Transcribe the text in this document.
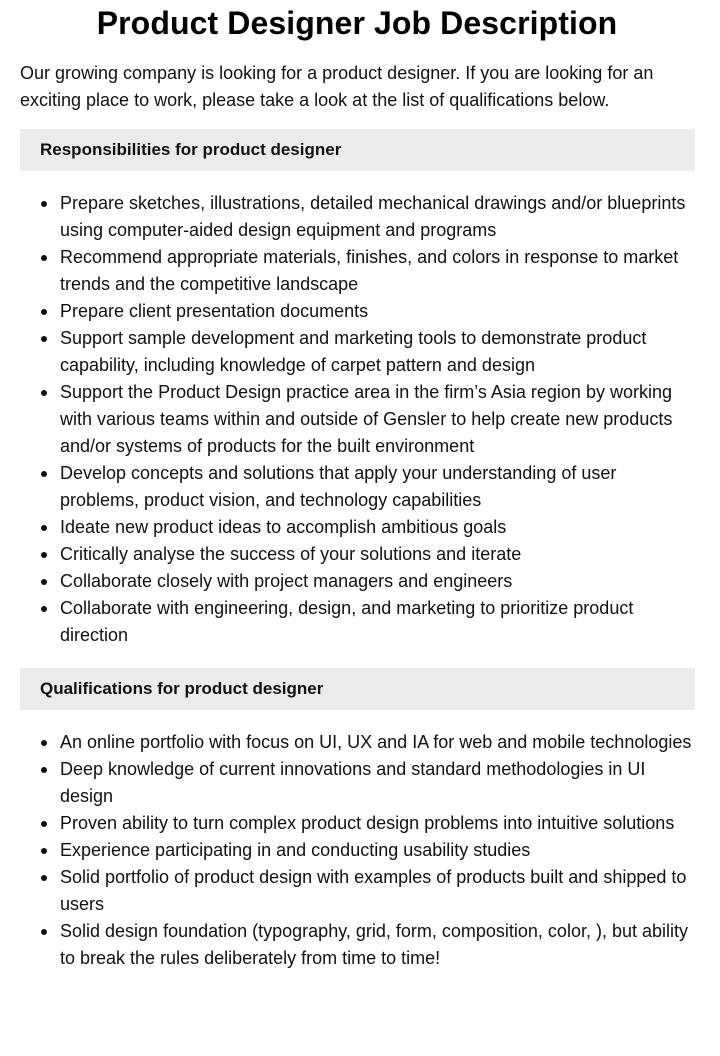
Product Designer Job Description

Our growing company is looking for a product designer. If you are looking for an exciting place to work, please take a look at the list of qualifications below.

Responsibilities for product designer
Prepare sketches, illustrations, detailed mechanical drawings and/or blueprints using computer-aided design equipment and programs
Recommend appropriate materials, finishes, and colors in response to market trends and the competitive landscape
Prepare client presentation documents
Support sample development and marketing tools to demonstrate product capability, including knowledge of carpet pattern and design
Support the Product Design practice area in the firm’s Asia region by working with various teams within and outside of Gensler to help create new products and/or systems of products for the built environment
Develop concepts and solutions that apply your understanding of user problems, product vision, and technology capabilities
Ideate new product ideas to accomplish ambitious goals
Critically analyse the success of your solutions and iterate
Collaborate closely with project managers and engineers
Collaborate with engineering, design, and marketing to prioritize product direction
Qualifications for product designer
An online portfolio with focus on UI, UX and IA for web and mobile technologies
Deep knowledge of current innovations and standard methodologies in UI design
Proven ability to turn complex product design problems into intuitive solutions
Experience participating in and conducting usability studies
Solid portfolio of product design with examples of products built and shipped to users
Solid design foundation (typography, grid, form, composition, color, ), but ability to break the rules deliberately from time to time!
